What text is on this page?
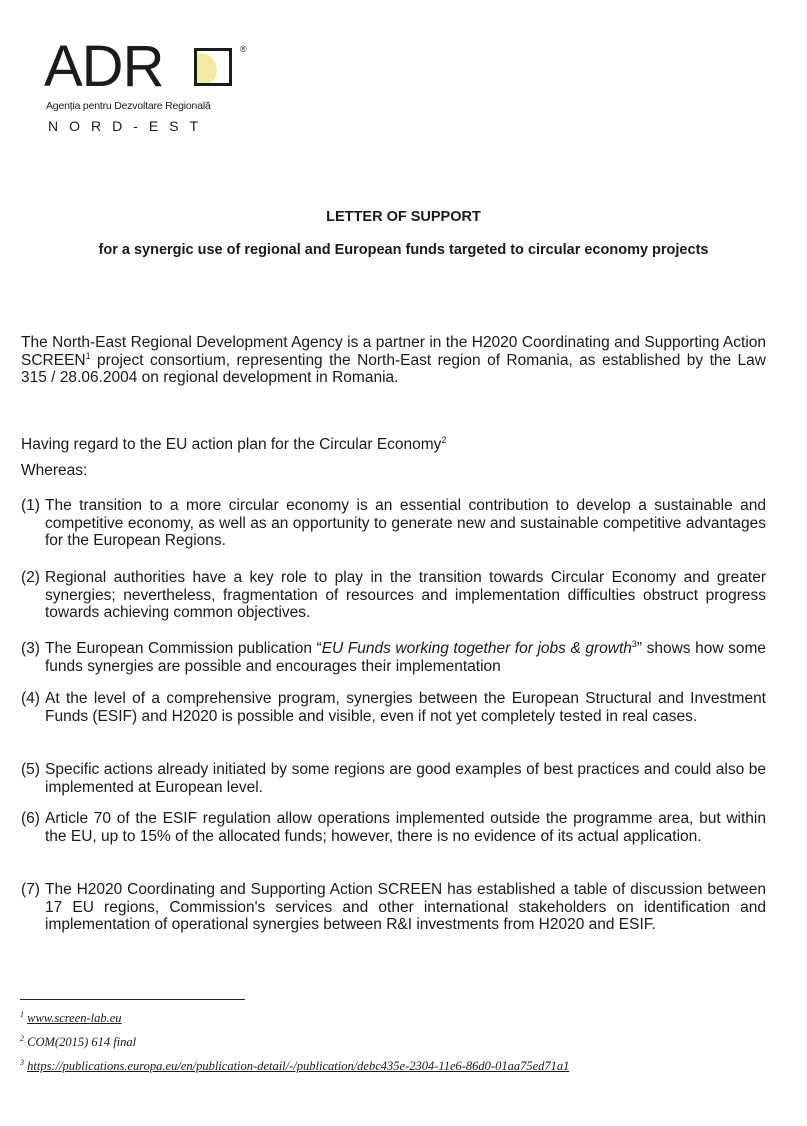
ADR	®
Agenția pentru Dezvoltare Regională
NORD-EST
LETTER OF SUPPORT
for a synergic use of regional and European funds targeted to circular economy projects
The North-East Regional Development Agency is a partner in the H2020 Coordinating and Supporting Action SCREEN$^1$ project consortium, representing the North-East region of Romania, as established by the Law 315 / 28.06.2004 on regional development in Romania.
Having regard to the EU action plan for the Circular Economy$^2$
Whereas:
(1) The transition to a more circular economy is an essential contribution to develop a sustainable and competitive economy, as well as an opportunity to generate new and sustainable competitive advantages for the European Regions.
(2) Regional authorities have a key role to play in the transition towards Circular Economy and greater synergies; nevertheless, fragmentation of resources and implementation difficulties obstruct progress towards achieving common objectives.
(3) The European Commission publication “EU Funds working together for jobs & growth$^3$” shows how some funds synergies are possible and encourages their implementation
(4) At the level of a comprehensive program, synergies between the European Structural and Investment Funds (ESIF) and H2020 is possible and visible, even if not yet completely tested in real cases.
(5) Specific actions already initiated by some regions are good examples of best practices and could also be implemented at European level.
(6) Article 70 of the ESIF regulation allow operations implemented outside the programme area, but within the EU, up to 15% of the allocated funds; however, there is no evidence of its actual application.
(7) The H2020 Coordinating and Supporting Action SCREEN has established a table of discussion between 17 EU regions, Commission's services and other international stakeholders on identification and implementation of operational synergies between R&I investments from H2020 and ESIF.
$^1$ www.screen-lab.eu
$^2$ COM(2015) 614 final
$^3$ https://publications.europa.eu/en/publication-detail/-/publication/debc435e-2304-11e6-86d0-01aa75ed71a1
